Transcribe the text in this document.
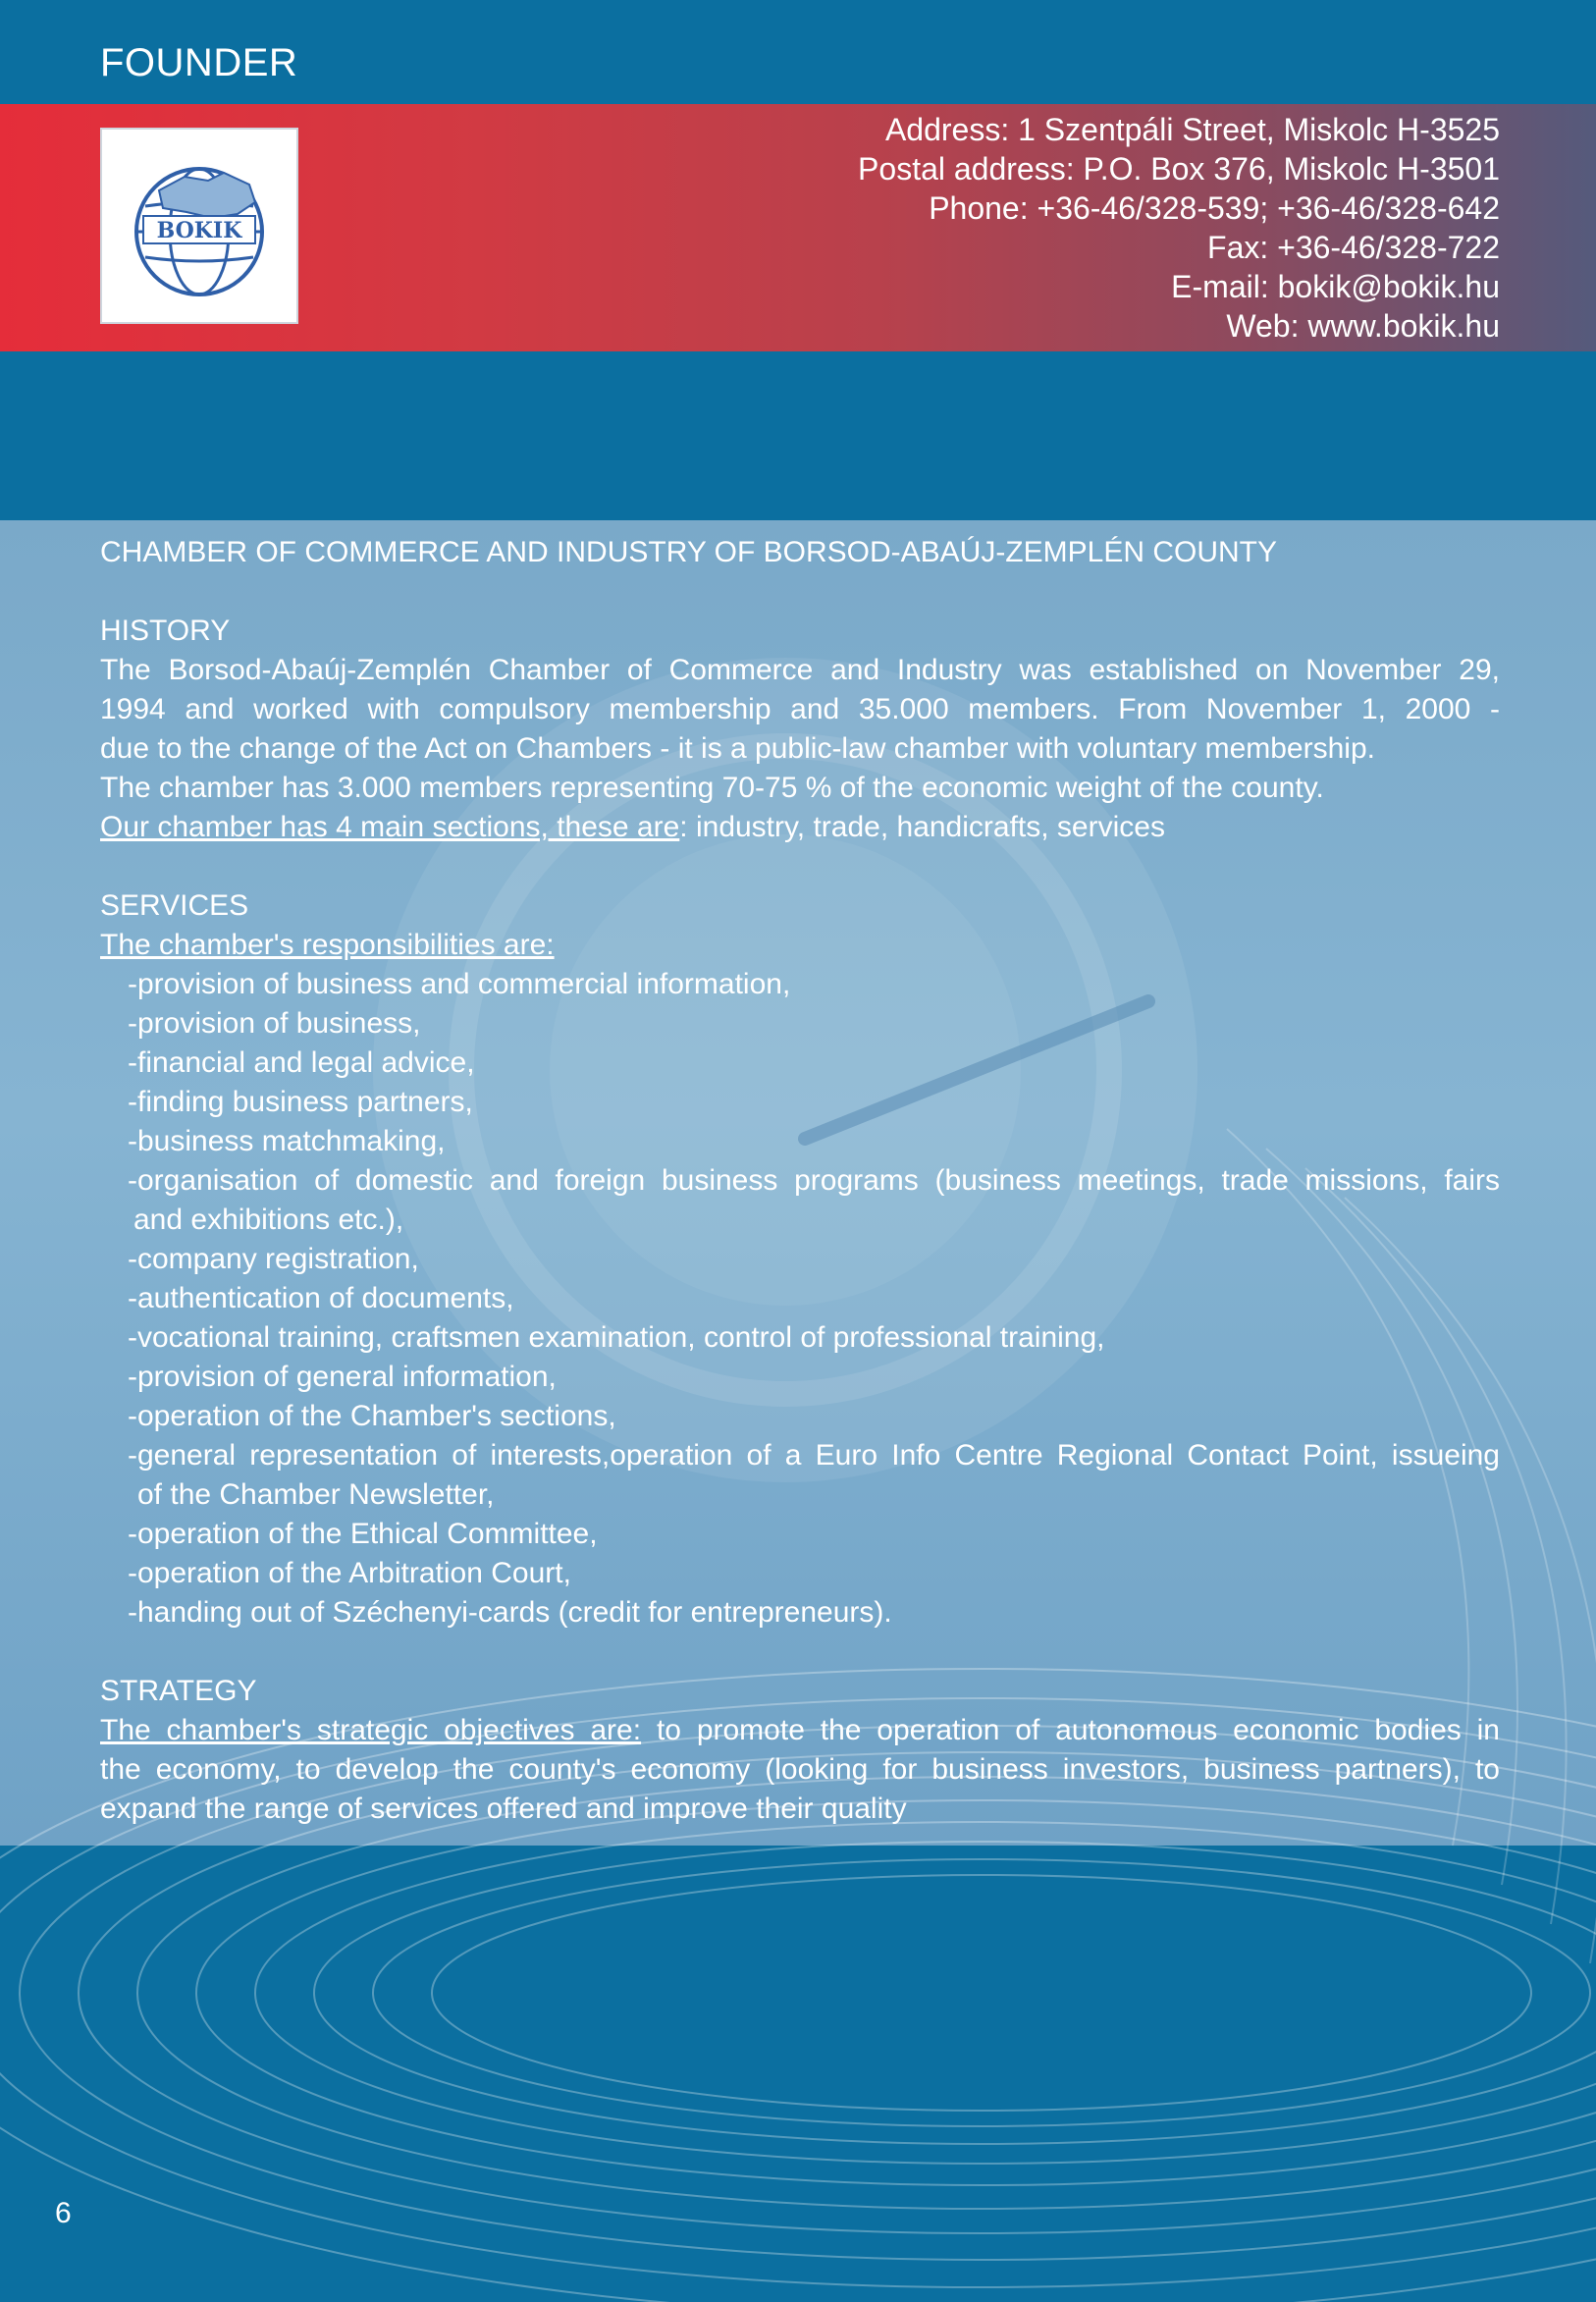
FOUNDER
BOKIK
Address: 1 Szentpáli Street, Miskolc H-3525
Postal address: P.O. Box 376, Miskolc H-3501
Phone: +36-46/328-539; +36-46/328-642
Fax: +36-46/328-722
E-mail: bokik@bokik.hu
Web: www.bokik.hu
CHAMBER OF COMMERCE AND INDUSTRY OF BORSOD-ABAÚJ-ZEMPLÉN COUNTY
HISTORY
The Borsod-Abaúj-Zemplén Chamber of Commerce and Industry was established on November 29,
1994 and worked with compulsory membership and 35.000 members. From November 1, 2000 -
due to the change of the Act on Chambers - it is a public-law chamber with voluntary membership.
The chamber has 3.000 members representing 70-75 % of the economic weight of the county.
Our chamber has 4 main sections, these are: industry, trade, handicrafts, services
SERVICES
The chamber's responsibilities are:
-provision of business and commercial information,
-provision of business,
-financial and legal advice,
-finding business partners,
-business matchmaking,
-organisation of domestic and foreign business programs (business meetings, trade missions, fairs
and exhibitions etc.),
-company registration,
-authentication of documents,
-vocational training, craftsmen examination, control of professional training,
-provision of general information,
-operation of the Chamber's sections,
-general representation of interests,operation of a Euro Info Centre Regional Contact Point, issueing
of the Chamber Newsletter,
-operation of the Ethical Committee,
-operation of the Arbitration Court,
-handing out of Széchenyi-cards (credit for entrepreneurs).
STRATEGY
The chamber's strategic objectives are: to promote the operation of autonomous economic bodies in
the economy, to develop the county's economy (looking for business investors, business partners), to
expand the range of services offered and improve their quality
6
